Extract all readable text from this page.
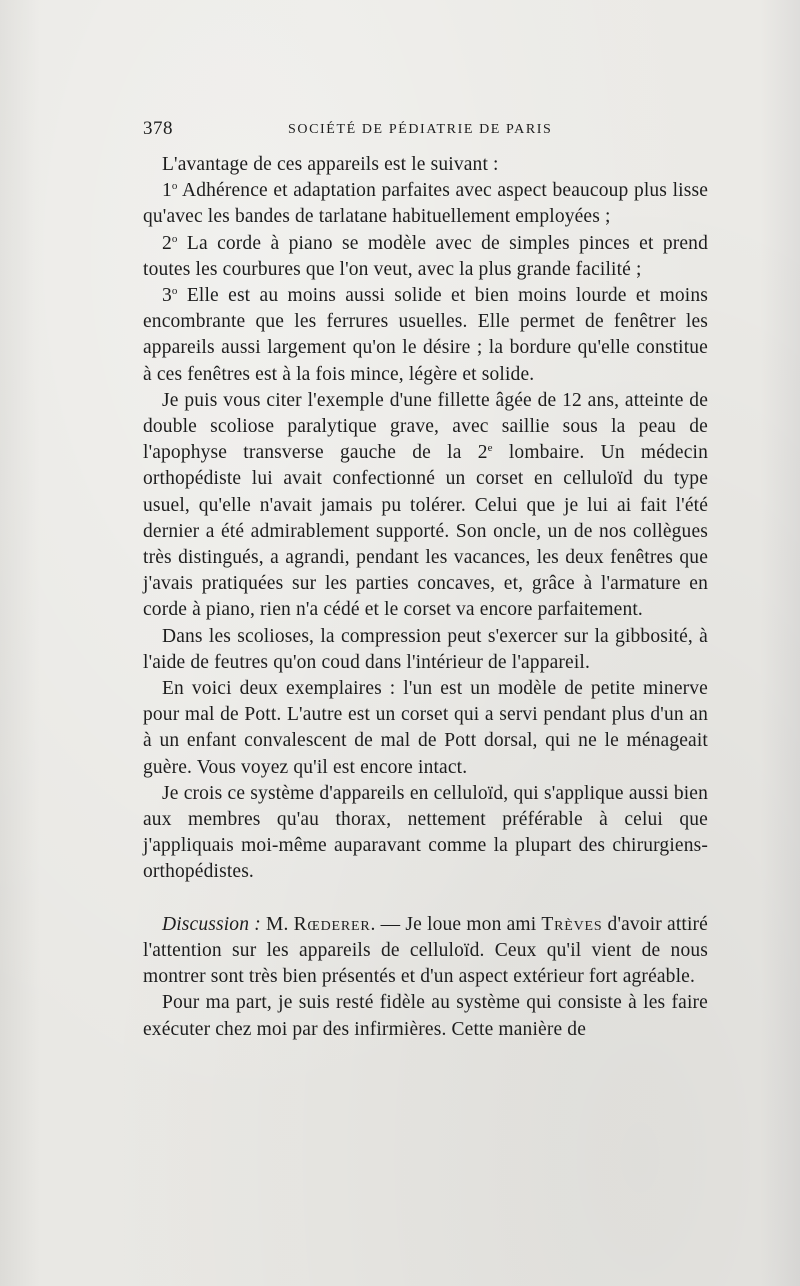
378	SOCIÉTÉ DE PÉDIATRIE DE PARIS

L'avantage de ces appareils est le suivant :

1$^o$ Adhérence et adaptation parfaites avec aspect beaucoup plus lisse qu'avec les bandes de tarlatane habituellement employées ;

2$^o$ La corde à piano se modèle avec de simples pinces et prend toutes les courbures que l'on veut, avec la plus grande facilité ;

3$^o$ Elle est au moins aussi solide et bien moins lourde et moins encombrante que les ferrures usuelles. Elle permet de fenêtrer les appareils aussi largement qu'on le désire ; la bordure qu'elle constitue à ces fenêtres est à la fois mince, légère et solide.

Je puis vous citer l'exemple d'une fillette âgée de 12 ans, atteinte de double scoliose paralytique grave, avec saillie sous la peau de l'apophyse transverse gauche de la 2e lombaire. Un médecin orthopédiste lui avait confectionné un corset en celluloïd du type usuel, qu'elle n'avait jamais pu tolérer. Celui que je lui ai fait l'été dernier a été admirablement supporté. Son oncle, un de nos collègues très distingués, a agrandi, pendant les vacances, les deux fenêtres que j'avais pratiquées sur les parties concaves, et, grâce à l'armature en corde à piano, rien n'a cédé et le corset va encore parfaitement.

Dans les scolioses, la compression peut s'exercer sur la gibbosité, à l'aide de feutres qu'on coud dans l'intérieur de l'appareil.

En voici deux exemplaires : l'un est un modèle de petite minerve pour mal de Pott. L'autre est un corset qui a servi pendant plus d'un an à un enfant convalescent de mal de Pott dorsal, qui ne le ménageait guère. Vous voyez qu'il est encore intact.

Je crois ce système d'appareils en celluloïd, qui s'applique aussi bien aux membres qu'au thorax, nettement préférable à celui que j'appliquais moi-même auparavant comme la plupart des chirurgiens-orthopédistes.

Discussion : M. Rœderer. — Je loue mon ami Trèves d'avoir attiré l'attention sur les appareils de celluloïd. Ceux qu'il vient de nous montrer sont très bien présentés et d'un aspect extérieur fort agréable.

Pour ma part, je suis resté fidèle au système qui consiste à les faire exécuter chez moi par des infirmières. Cette manière de
